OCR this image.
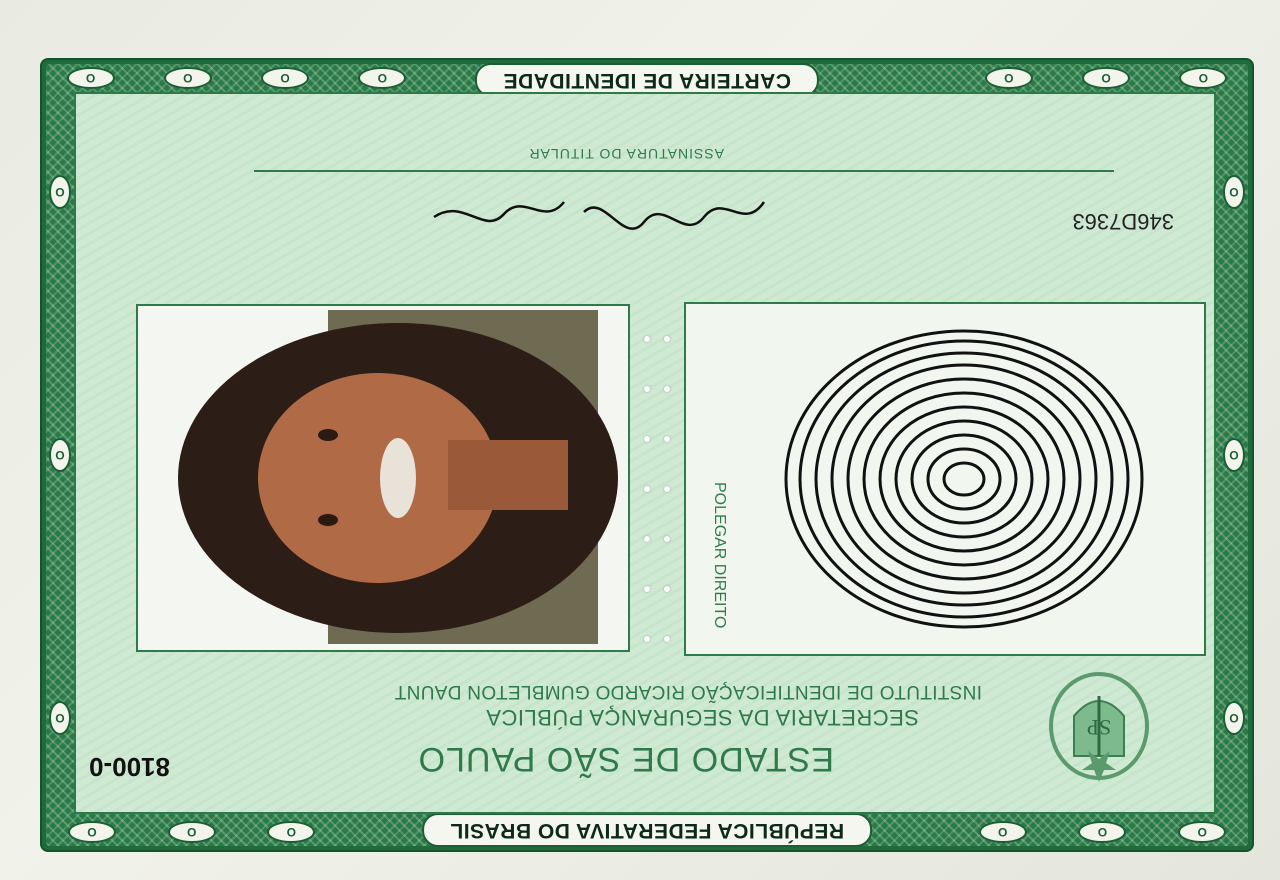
O
O
O
O
O
O
O
O
O
O
O
O
O
O
O
O
O
O
O
REPÚBLICA FEDERATIVA DO BRASIL
CARTEIRA DE IDENTIDADE
SP
ESTADO DE SÃO PAULO
8100-0
SECRETARIA DA SEGURANÇA PÚBLICA
INSTITUTO DE IDENTIFICAÇÃO RICARDO GUMBLETON DAUNT
POLEGAR DIREITO
346D7363
ASSINATURA DO TITULAR
